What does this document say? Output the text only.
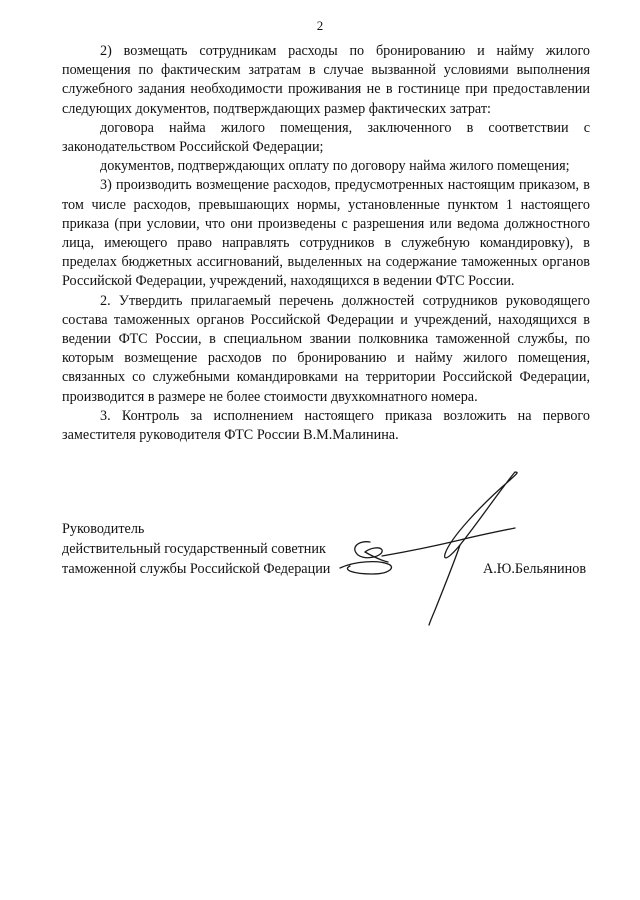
2

2) возмещать сотрудникам расходы по бронированию и найму жилого помещения по фактическим затратам в случае вызванной условиями выполнения служебного задания необходимости проживания не в гостинице при предоставлении следующих документов, подтверждающих размер фактических затрат:

договора найма жилого помещения, заключенного в соответствии с законодательством Российской Федерации;

документов, подтверждающих оплату по договору найма жилого помещения;

3) производить возмещение расходов, предусмотренных настоящим приказом, в том числе расходов, превышающих нормы, установленные пунктом 1 настоящего приказа (при условии, что они произведены с разрешения или ведома должностного лица, имеющего право направлять сотрудников в служебную командировку), в пределах бюджетных ассигнований, выделенных на содержание таможенных органов Российской Федерации, учреждений, находящихся в ведении ФТС России.

2. Утвердить прилагаемый перечень должностей сотрудников руководящего состава таможенных органов Российской Федерации и учреждений, находящихся в ведении ФТС России, в специальном звании полковника таможенной службы, по которым возмещение расходов по бронированию и найму жилого помещения, связанных со служебными командировками на территории Российской Федерации, производится в размере не более стоимости двухкомнатного номера.

3. Контроль за исполнением настоящего приказа возложить на первого заместителя руководителя ФТС России В.М.Малинина.

Руководитель
действительный государственный советник
таможенной службы Российской Федерации	А.Ю.Бельянинов
